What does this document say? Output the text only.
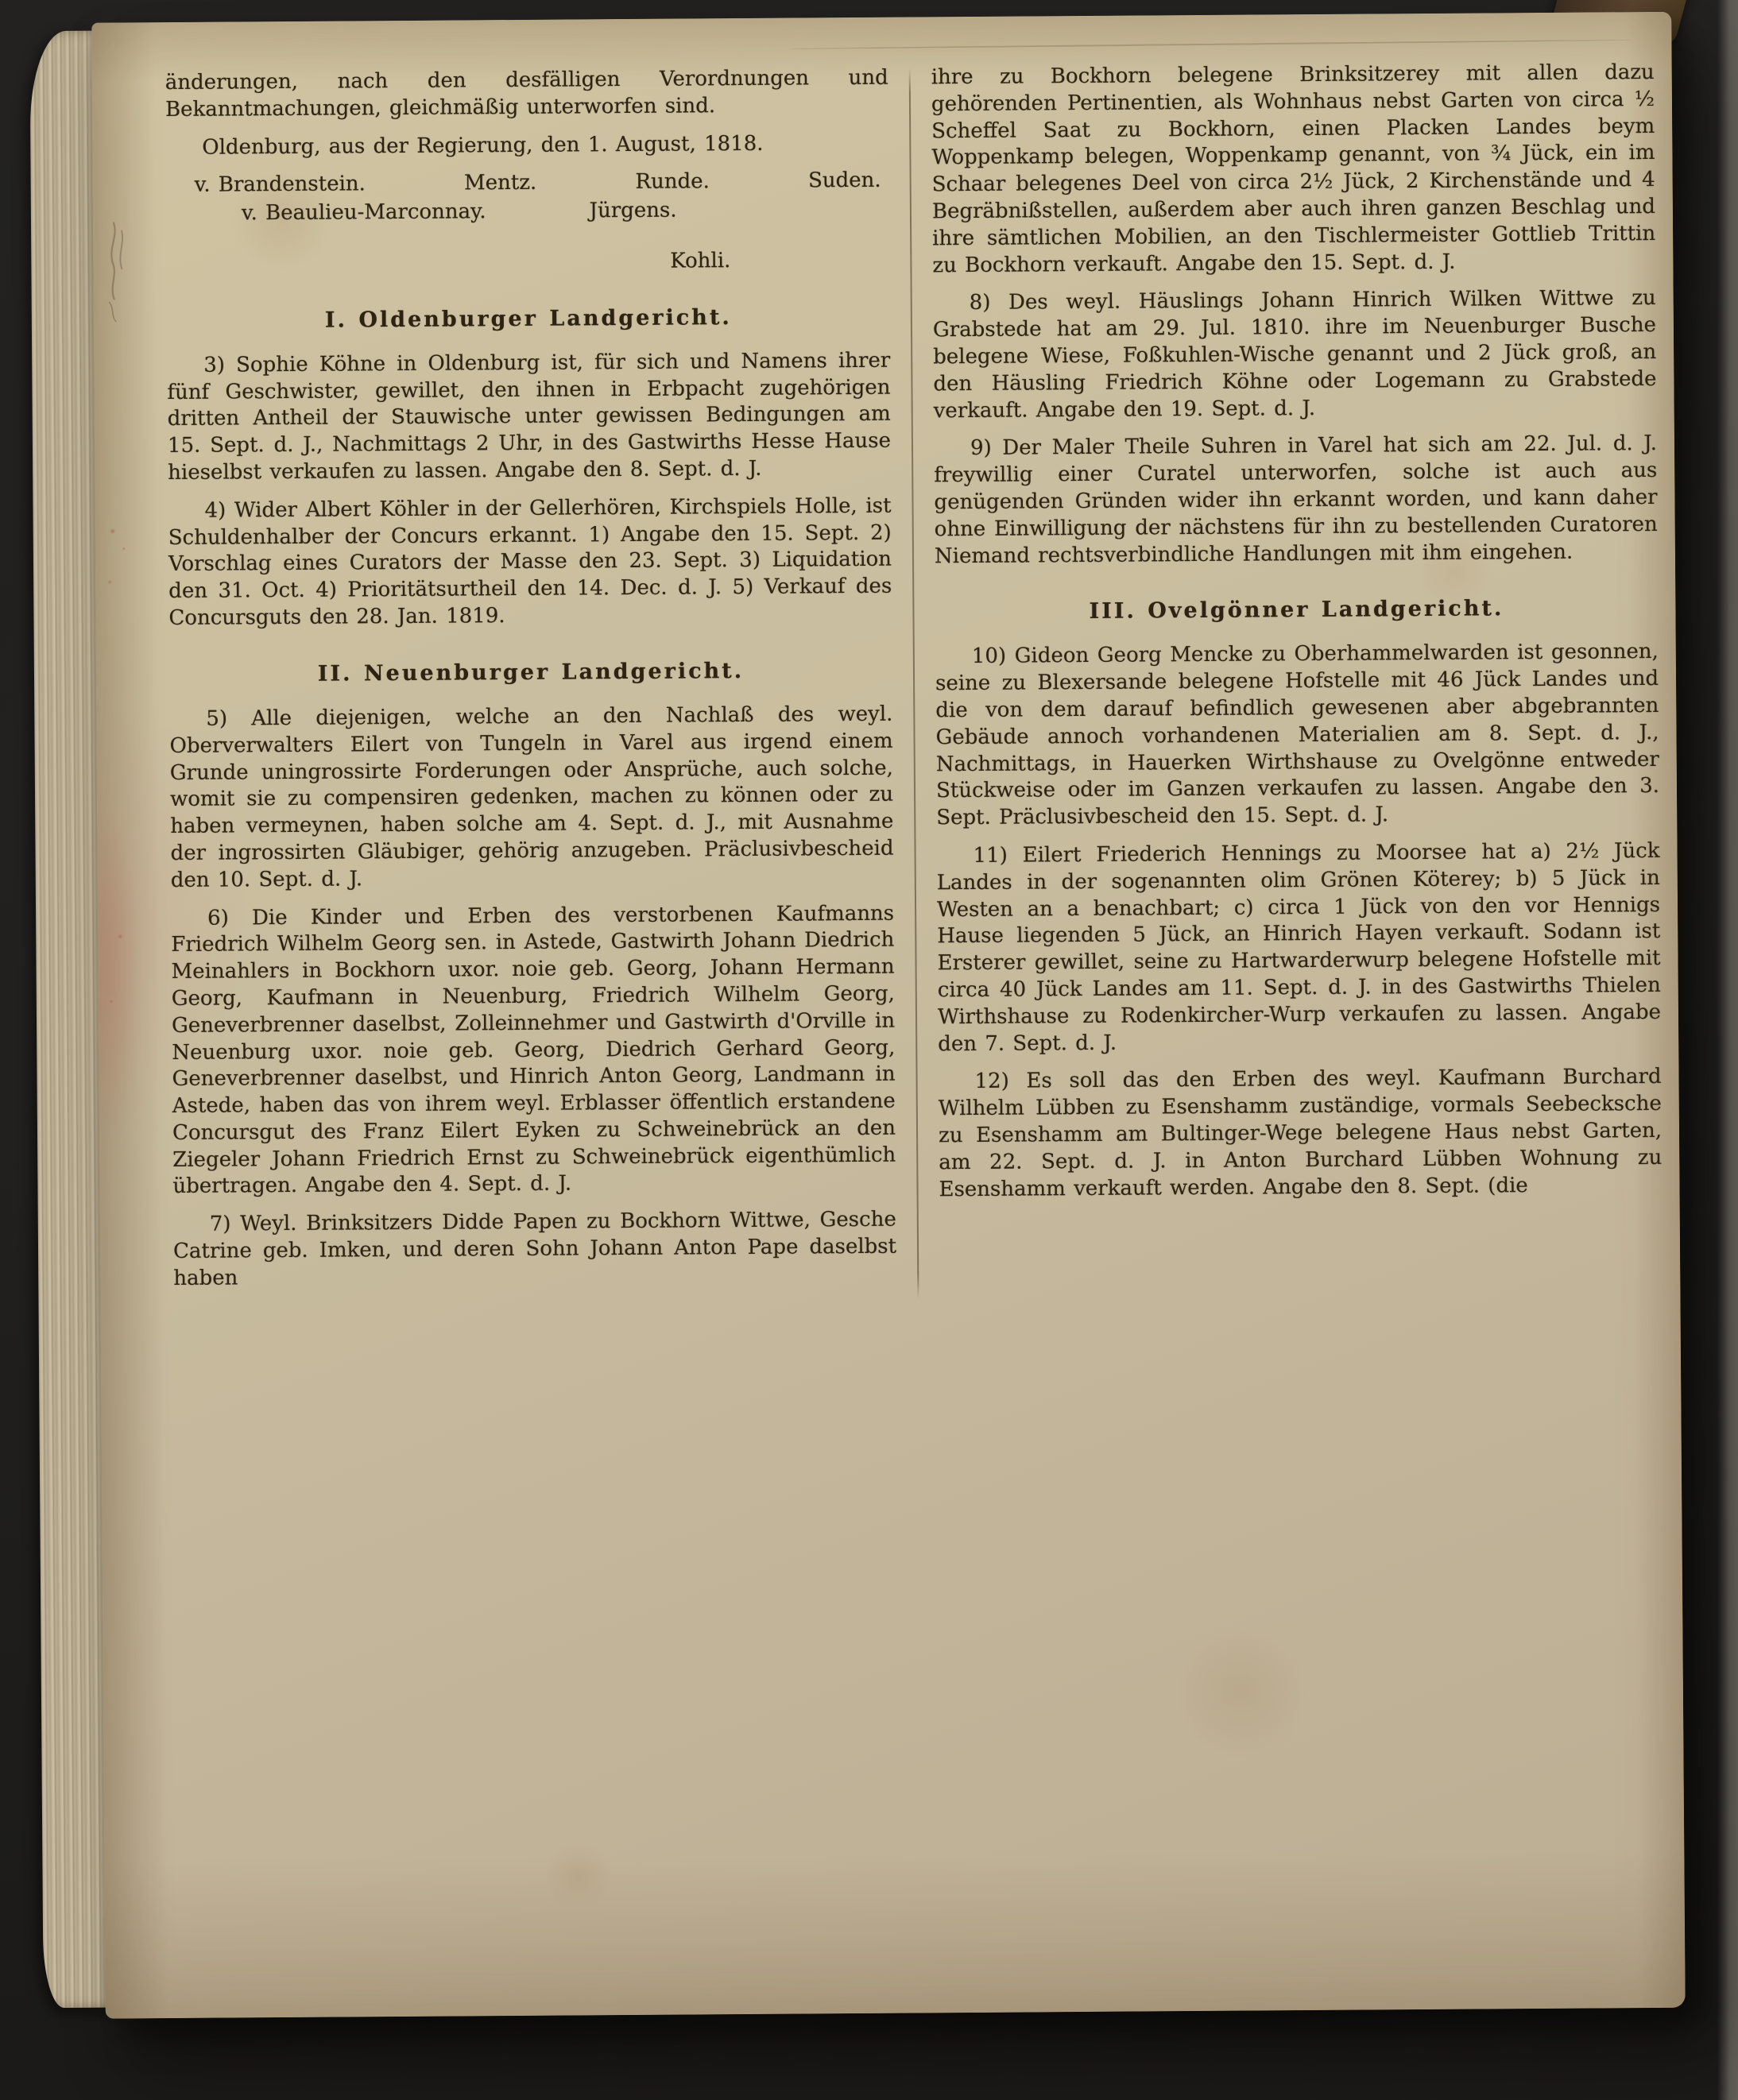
änderungen, nach den desfälligen Verordnungen und Bekanntmachungen, gleichmäßig unterworfen sind.

Oldenburg, aus der Regierung, den 1. August, 1818.

v. Brandenstein.	Mentz.	Runde.	Suden.
v. Beaulieu-Marconnay.	Jürgens.

Kohli.

I. Oldenburger Landgericht.

3) Sophie Köhne in Oldenburg ist, für sich und Namens ihrer fünf Geschwister, gewillet, den ihnen in Erbpacht zugehörigen dritten Antheil der Stauwische unter gewissen Bedingungen am 15. Sept. d. J., Nachmittags 2 Uhr, in des Gastwirths Hesse Hause hieselbst verkaufen zu lassen. Angabe den 8. Sept. d. J.

4) Wider Albert Köhler in der Gellerhören, Kirchspiels Holle, ist Schuldenhalber der Concurs erkannt. 1) Angabe den 15. Sept. 2) Vorschlag eines Curators der Masse den 23. Sept. 3) Liquidation den 31. Oct. 4) Prioritätsurtheil den 14. Dec. d. J. 5) Verkauf des Concursguts den 28. Jan. 1819.

II. Neuenburger Landgericht.

5) Alle diejenigen, welche an den Nachlaß des weyl. Oberverwalters Eilert von Tungeln in Varel aus irgend einem Grunde uningrossirte Forderungen oder Ansprüche, auch solche, womit sie zu compensiren gedenken, machen zu können oder zu haben vermeynen, haben solche am 4. Sept. d. J., mit Ausnahme der ingrossirten Gläubiger, gehörig anzugeben. Präclusivbescheid den 10. Sept. d. J.

6) Die Kinder und Erben des verstorbenen Kaufmanns Friedrich Wilhelm Georg sen. in Astede, Gastwirth Johann Diedrich Meinahlers in Bockhorn uxor. noie geb. Georg, Johann Hermann Georg, Kaufmann in Neuenburg, Friedrich Wilhelm Georg, Geneverbrenner daselbst, Zolleinnehmer und Gastwirth d'Orville in Neuenburg uxor. noie geb. Georg, Diedrich Gerhard Georg, Geneverbrenner daselbst, und Hinrich Anton Georg, Landmann in Astede, haben das von ihrem weyl. Erblasser öffentlich erstandene Concursgut des Franz Eilert Eyken zu Schweinebrück an den Ziegeler Johann Friedrich Ernst zu Schweinebrück eigenthümlich übertragen. Angabe den 4. Sept. d. J.

7) Weyl. Brinksitzers Didde Papen zu Bockhorn Wittwe, Gesche Catrine geb. Imken, und deren Sohn Johann Anton Pape daselbst haben

ihre zu Bockhorn belegene Brinksitzerey mit allen dazu gehörenden Pertinentien, als Wohnhaus nebst Garten von circa ½ Scheffel Saat zu Bockhorn, einen Placken Landes beym Woppenkamp belegen, Woppenkamp genannt, von ¾ Jück, ein im Schaar belegenes Deel von circa 2½ Jück, 2 Kirchenstände und 4 Begräbnißstellen, außerdem aber auch ihren ganzen Beschlag und ihre sämtlichen Mobilien, an den Tischlermeister Gottlieb Trittin zu Bockhorn verkauft. Angabe den 15. Sept. d. J.

8) Des weyl. Häuslings Johann Hinrich Wilken Wittwe zu Grabstede hat am 29. Jul. 1810. ihre im Neuenburger Busche belegene Wiese, Foßkuhlen-Wische genannt und 2 Jück groß, an den Häusling Friedrich Köhne oder Logemann zu Grabstede verkauft. Angabe den 19. Sept. d. J.

9) Der Maler Theile Suhren in Varel hat sich am 22. Jul. d. J. freywillig einer Curatel unterworfen, solche ist auch aus genügenden Gründen wider ihn erkannt worden, und kann daher ohne Einwilligung der nächstens für ihn zu bestellenden Curatoren Niemand rechtsverbindliche Handlungen mit ihm eingehen.

III. Ovelgönner Landgericht.

10) Gideon Georg Mencke zu Oberhammelwarden ist gesonnen, seine zu Blexersande belegene Hofstelle mit 46 Jück Landes und die von dem darauf befindlich gewesenen aber abgebrannten Gebäude annoch vorhandenen Materialien am 8. Sept. d. J., Nachmittags, in Hauerken Wirthshause zu Ovelgönne entweder Stückweise oder im Ganzen verkaufen zu lassen. Angabe den 3. Sept. Präclusivbescheid den 15. Sept. d. J.

11) Eilert Friederich Hennings zu Moorsee hat a) 2½ Jück Landes in der sogenannten olim Grönen Köterey; b) 5 Jück in Westen an a benachbart; c) circa 1 Jück von den vor Hennigs Hause liegenden 5 Jück, an Hinrich Hayen verkauft. Sodann ist Ersterer gewillet, seine zu Hartwarderwurp belegene Hofstelle mit circa 40 Jück Landes am 11. Sept. d. J. in des Gastwirths Thielen Wirthshause zu Rodenkircher-Wurp verkaufen zu lassen. Angabe den 7. Sept. d. J.

12) Es soll das den Erben des weyl. Kaufmann Burchard Wilhelm Lübben zu Esenshamm zuständige, vormals Seebecksche zu Esenshamm am Bultinger-Wege belegene Haus nebst Garten, am 22. Sept. d. J. in Anton Burchard Lübben Wohnung zu Esenshamm verkauft werden. Angabe den 8. Sept. (die
